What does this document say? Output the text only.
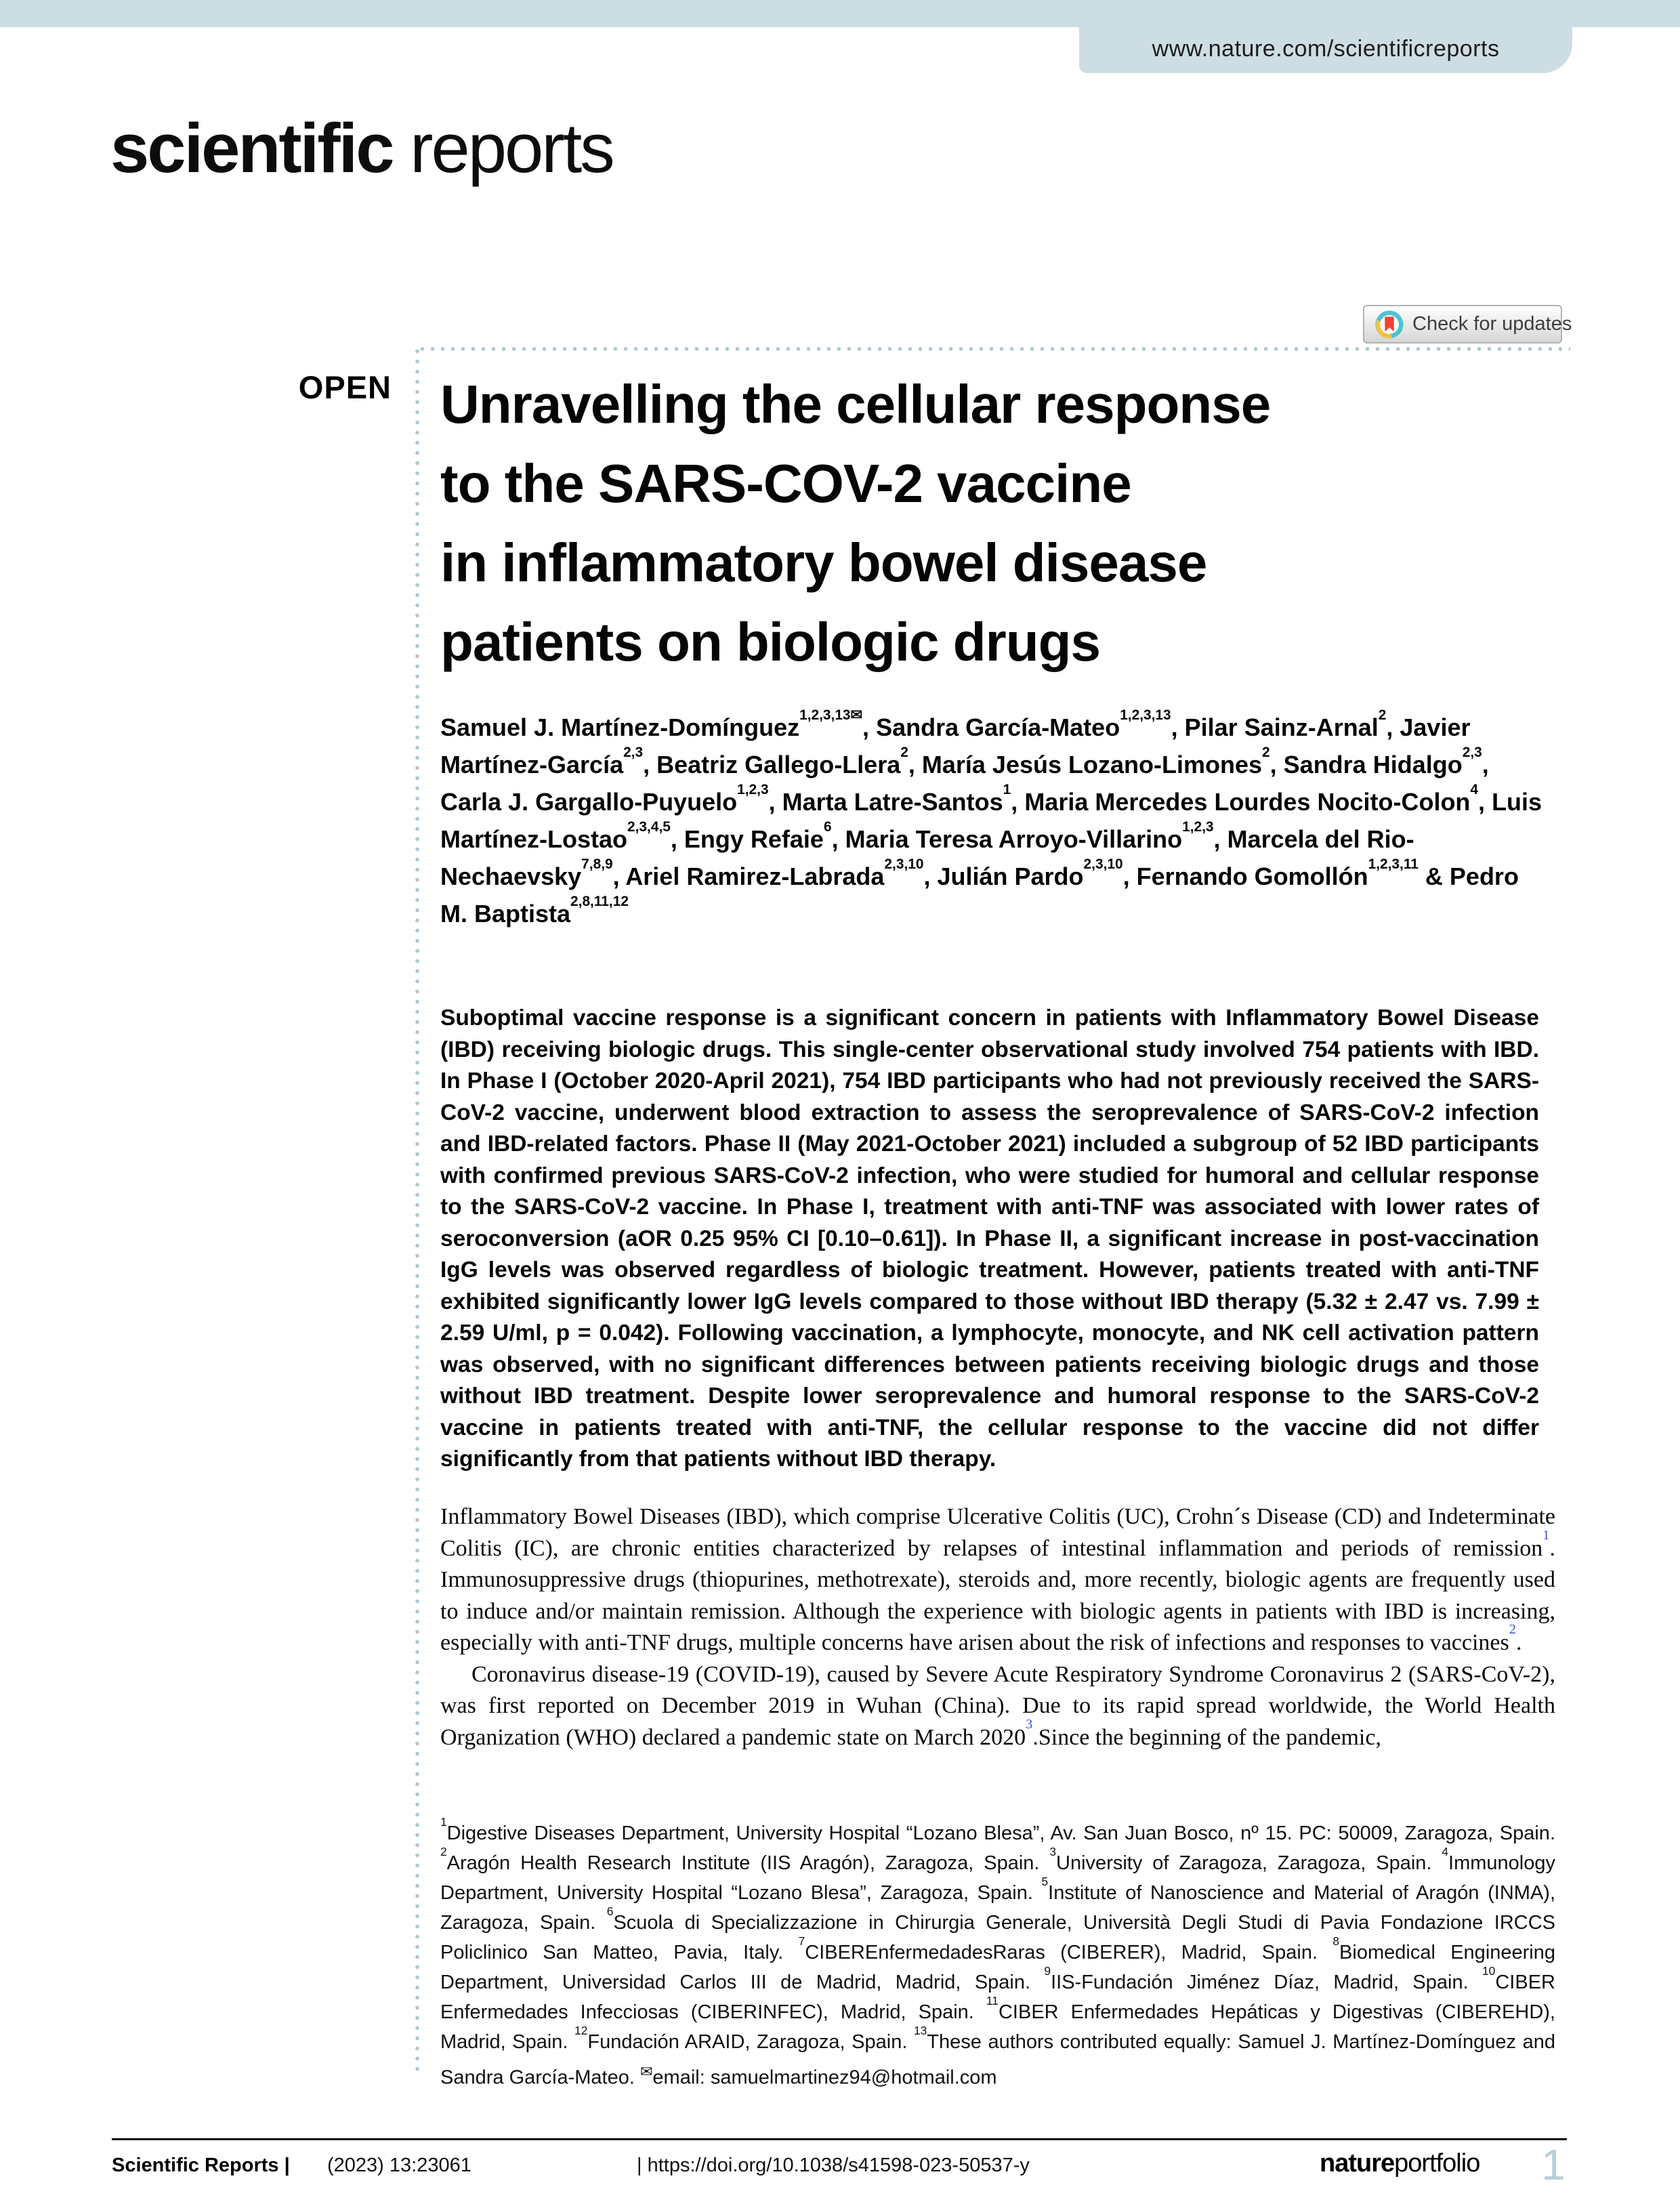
www.nature.com/scientificreports
scientific reports
Check for updates
OPEN Unravelling the cellular response
to the SARS-COV-2 vaccine
in inflammatory bowel disease
patients on biologic drugs
Samuel J. Martínez-Domínguez$^{1,2,3,13✉}$, Sandra García-Mateo$^{1,2,3,13}$, Pilar Sainz-Arnal$^2$, Javier Martínez-García$^{2,3}$, Beatriz Gallego-Llera$^2$, María Jesús Lozano-Limones$^2$, Sandra Hidalgo$^{2,3}$, Carla J. Gargallo-Puyuelo$^{1,2,3}$, Marta Latre-Santos$^1$, Maria Mercedes Lourdes Nocito-Colon$^4$, Luis Martínez-Lostao$^{2,3,4,5}$, Engy Refaie$^6$, Maria Teresa Arroyo-Villarino$^{1,2,3}$, Marcela del Rio-Nechaevsky$^{7,8,9}$, Ariel Ramirez-Labrada$^{2,3,10}$, Julián Pardo$^{2,3,10}$, Fernando Gomollón$^{1,2,3,11}$ & Pedro M. Baptista$^{2,8,11,12}$
Suboptimal vaccine response is a significant concern in patients with Inflammatory Bowel Disease (IBD) receiving biologic drugs. This single-center observational study involved 754 patients with IBD. In Phase I (October 2020-April 2021), 754 IBD participants who had not previously received the SARS-CoV-2 vaccine, underwent blood extraction to assess the seroprevalence of SARS-CoV-2 infection and IBD-related factors. Phase II (May 2021-October 2021) included a subgroup of 52 IBD participants with confirmed previous SARS-CoV-2 infection, who were studied for humoral and cellular response to the SARS-CoV-2 vaccine. In Phase I, treatment with anti-TNF was associated with lower rates of seroconversion (aOR 0.25 95% CI [0.10–0.61]). In Phase II, a significant increase in post-vaccination IgG levels was observed regardless of biologic treatment. However, patients treated with anti-TNF exhibited significantly lower IgG levels compared to those without IBD therapy (5.32 ± 2.47 vs. 7.99 ± 2.59 U/ml, p = 0.042). Following vaccination, a lymphocyte, monocyte, and NK cell activation pattern was observed, with no significant differences between patients receiving biologic drugs and those without IBD treatment. Despite lower seroprevalence and humoral response to the SARS-CoV-2 vaccine in patients treated with anti-TNF, the cellular response to the vaccine did not differ significantly from that patients without IBD therapy.

Inflammatory Bowel Diseases (IBD), which comprise Ulcerative Colitis (UC), Crohn´s Disease (CD) and Indeterminate Colitis (IC), are chronic entities characterized by relapses of intestinal inflammation and periods of remission$^1$. Immunosuppressive drugs (thiopurines, methotrexate), steroids and, more recently, biologic agents are frequently used to induce and/or maintain remission. Although the experience with biologic agents in patients with IBD is increasing, especially with anti-TNF drugs, multiple concerns have arisen about the risk of infections and responses to vaccines$^2$.

Coronavirus disease-19 (COVID-19), caused by Severe Acute Respiratory Syndrome Coronavirus 2 (SARS-CoV-2), was first reported on December 2019 in Wuhan (China). Due to its rapid spread worldwide, the World Health Organization (WHO) declared a pandemic state on March 2020$^3$.Since the beginning of the pandemic,

$^1$Digestive Diseases Department, University Hospital “Lozano Blesa”, Av. San Juan Bosco, nº 15. PC: 50009, Zaragoza, Spain. $^2$Aragón Health Research Institute (IIS Aragón), Zaragoza, Spain. $^3$University of Zaragoza, Zaragoza, Spain. $^4$Immunology Department, University Hospital “Lozano Blesa”, Zaragoza, Spain. $^5$Institute of Nanoscience and Material of Aragón (INMA), Zaragoza, Spain. $^6$Scuola di Specializzazione in Chirurgia Generale, Università Degli Studi di Pavia Fondazione IRCCS Policlinico San Matteo, Pavia, Italy. $^7$CIBEREnfermedadesRaras (CIBERER), Madrid, Spain. $^8$Biomedical Engineering Department, Universidad Carlos III de Madrid, Madrid, Spain. $^9$IIS-Fundación Jiménez Díaz, Madrid, Spain. $^{10}$CIBER Enfermedades Infecciosas (CIBERINFEC), Madrid, Spain. $^{11}$CIBER Enfermedades Hepáticas y Digestivas (CIBEREHD), Madrid, Spain. $^{12}$Fundación ARAID, Zaragoza, Spain. $^{13}$These authors contributed equally: Samuel J. Martínez-Domínguez and Sandra García-Mateo. ✉email: samuelmartinez94@hotmail.com
Scientific Reports | (2023) 13:23061	| https://doi.org/10.1038/s41598-023-50537-y	natureportfolio 1
